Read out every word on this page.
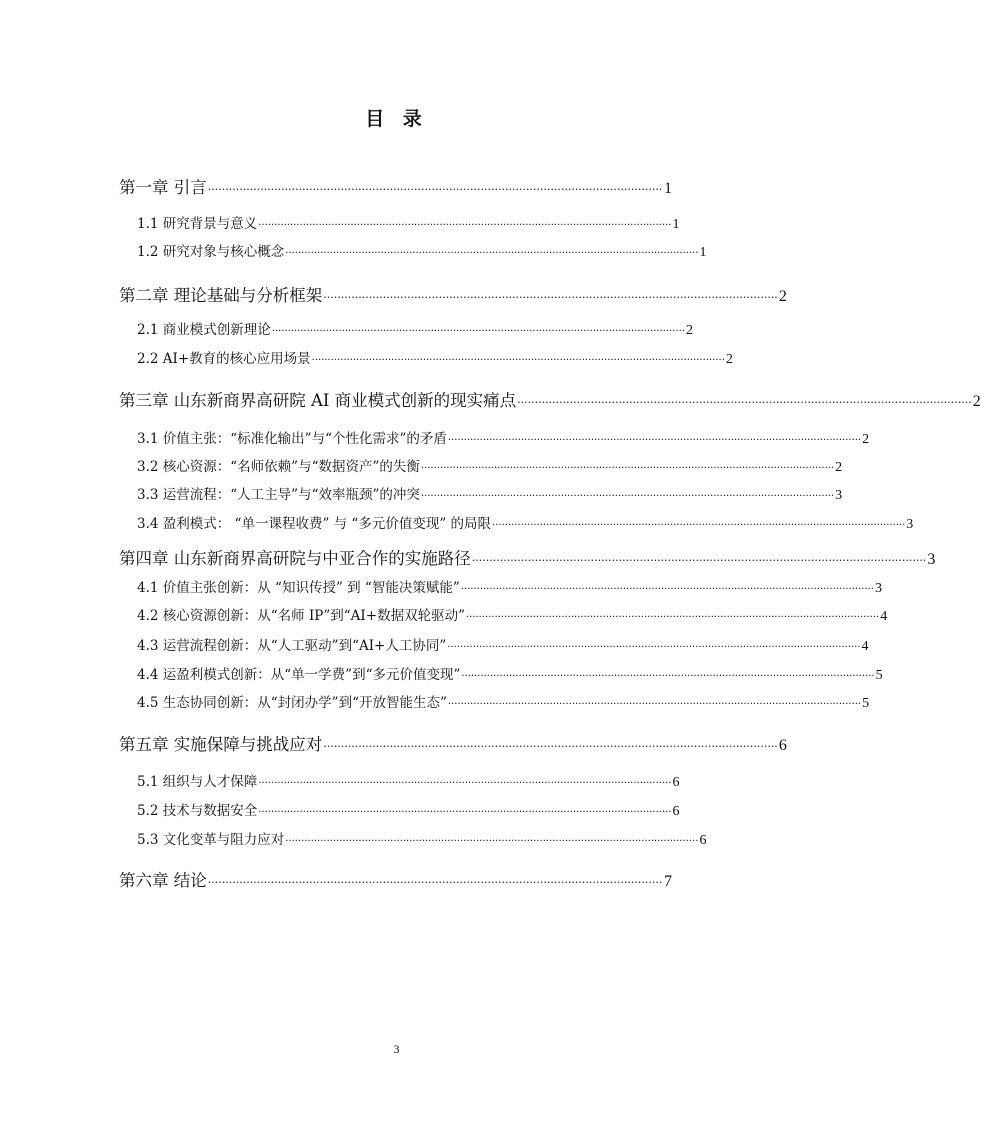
目 录
第一章 引言 ·································································································································· 1
1.1 研究背景与意义 ·································································································································· 1
1.2 研究对象与核心概念 ·································································································································· 1
第二章 理论基础与分析框架 ·································································································································· 2
2.1 商业模式创新理论 ·································································································································· 2
2.2 AI+教育的核心应用场景 ·································································································································· 2
第三章 山东新商界高研院 AI 商业模式创新的现实痛点 ·································································································································· 2
3.1 价值主张：“标准化输出”与“个性化需求”的矛盾 ·································································································································· 2
3.2 核心资源：“名师依赖”与“数据资产”的失衡 ·································································································································· 2
3.3 运营流程：“人工主导”与“效率瓶颈”的冲突 ·································································································································· 3
3.4 盈利模式： “单一课程收费” 与 “多元价值变现” 的局限 ·································································································································· 3
第四章 山东新商界高研院与中亚合作的实施路径 ·································································································································· 3
4.1 价值主张创新：从 “知识传授” 到 “智能决策赋能” ·································································································································· 3
4.2 核心资源创新：从“名师 IP”到“AI+数据双轮驱动” ·································································································································· 4
4.3 运营流程创新：从“人工驱动”到“AI+人工协同” ·································································································································· 4
4.4 运盈利模式创新：从“单一学费”到“多元价值变现” ·································································································································· 5
4.5 生态协同创新：从“封闭办学”到“开放智能生态” ·································································································································· 5
第五章 实施保障与挑战应对 ·································································································································· 6
5.1 组织与人才保障 ·································································································································· 6
5.2 技术与数据安全 ·································································································································· 6
5.3 文化变革与阻力应对 ·································································································································· 6
第六章 结论 ·································································································································· 7
3
